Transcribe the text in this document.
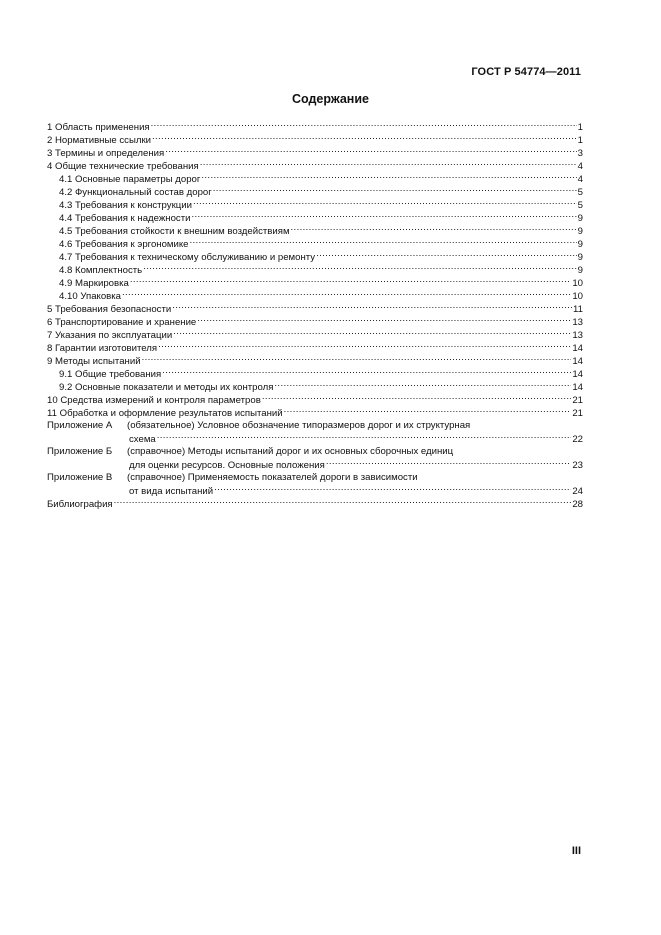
ГОСТ Р 54774—2011
Содержание
1 Область применения .....	1
2 Нормативные ссылки .....	1
3 Термины и определения .....	3
4 Общие технические требования .....	4
4.1 Основные параметры дорог .....	4
4.2 Функциональный состав дорог .....	5
4.3 Требования к конструкции .....	5
4.4 Требования к надежности .....	9
4.5 Требования стойкости к внешним воздействиям .....	9
4.6 Требования к эргономике .....	9
4.7 Требования к техническому обслуживанию и ремонту .....	9
4.8 Комплектность .....	9
4.9 Маркировка .....	10
4.10 Упаковка .....	10
5 Требования безопасности .....	11
6 Транспортирование и хранение .....	13
7 Указания по эксплуатации .....	13
8 Гарантии изготовителя .....	14
9 Методы испытаний .....	14
9.1 Общие требования .....	14
9.2 Основные показатели и методы их контроля .....	14
10 Средства измерений и контроля параметров .....	21
11 Обработка и оформление результатов испытаний .....	21
Приложение А	(обязательное) Условное обозначение типоразмеров дорог и их структурная
схема .....	22
Приложение Б	(справочное) Методы испытаний дорог и их основных сборочных единиц
для оценки ресурсов. Основные положения .....	23
Приложение В	(справочное) Применяемость показателей дороги в зависимости
от вида испытаний .....	24
Библиография .....	28
III
